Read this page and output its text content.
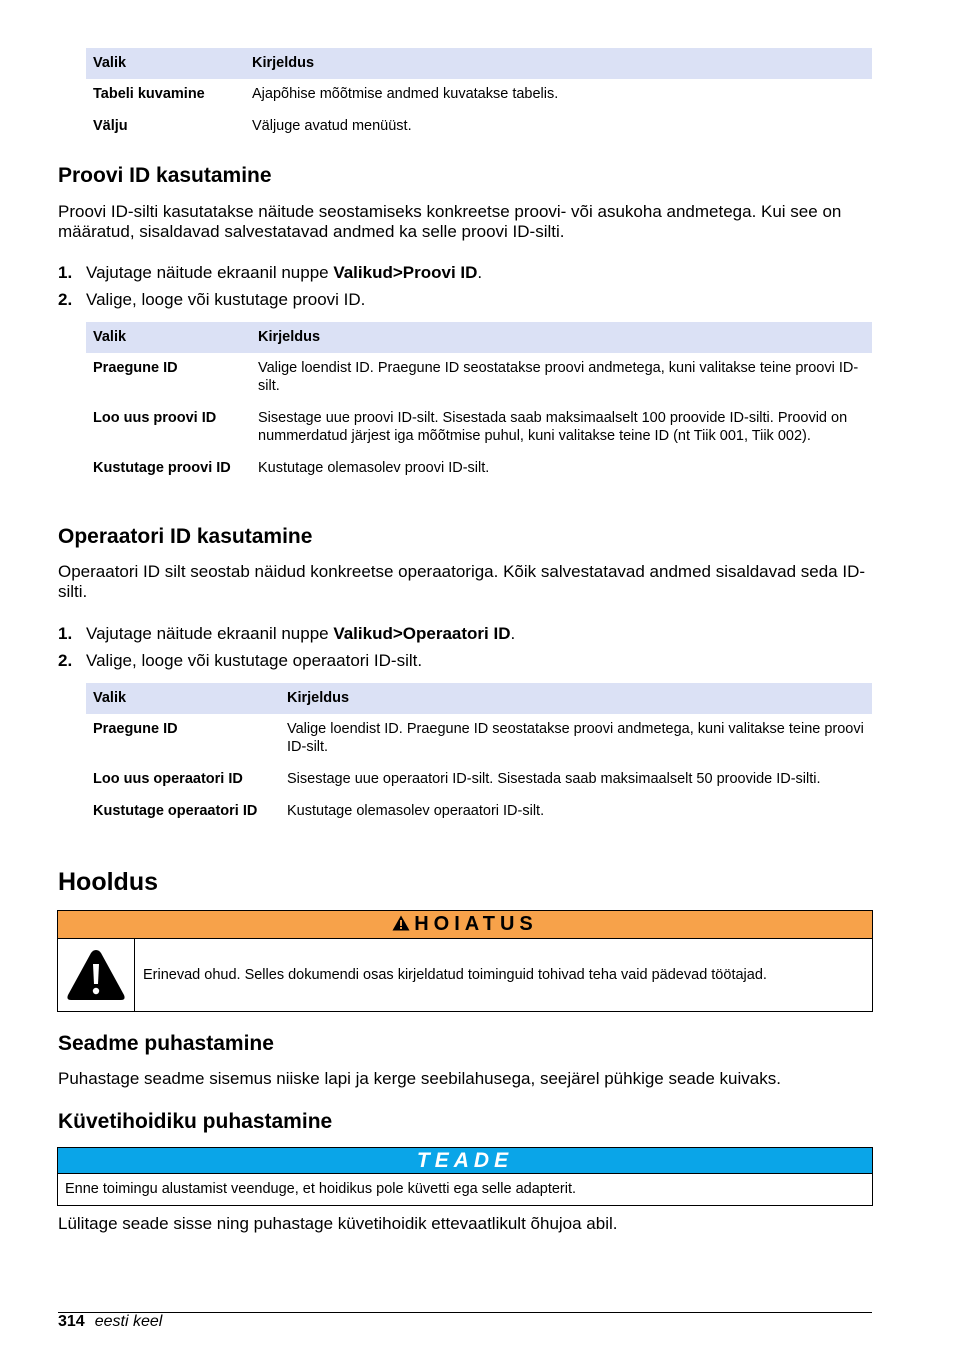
Valik	Kirjeldus
Tabeli kuvamine	Ajapõhise mõõtmise andmed kuvatakse tabelis.
Välju	Väljuge avatud menüüst.
Proovi ID kasutamine

Proovi ID-silti kasutatakse näitude seostamiseks konkreetse proovi- või asukoha andmetega. Kui see on määratud, sisaldavad salvestatavad andmed ka selle proovi ID-silti.

1. Vajutage näitude ekraanil nuppe Valikud>Proovi ID.
2. Valige, looge või kustutage proovi ID.
Valik	Kirjeldus
Praegune ID	Valige loendist ID. Praegune ID seostatakse proovi andmetega, kuni valitakse teine proovi ID-silt.
Loo uus proovi ID	Sisestage uue proovi ID-silt. Sisestada saab maksimaalselt 100 proovide ID-silti. Proovid on nummerdatud järjest iga mõõtmise puhul, kuni valitakse teine ID (nt Tiik 001, Tiik 002).
Kustutage proovi ID	Kustutage olemasolev proovi ID-silt.
Operaatori ID kasutamine

Operaatori ID silt seostab näidud konkreetse operaatoriga. Kõik salvestatavad andmed sisaldavad seda ID-silti.

1. Vajutage näitude ekraanil nuppe Valikud>Operaatori ID.
2. Valige, looge või kustutage operaatori ID-silt.
Valik	Kirjeldus
Praegune ID	Valige loendist ID. Praegune ID seostatakse proovi andmetega, kuni valitakse teine proovi ID-silt.
Loo uus operaatori ID	Sisestage uue operaatori ID-silt. Sisestada saab maksimaalselt 50 proovide ID-silti.
Kustutage operaatori ID	Kustutage olemasolev operaatori ID-silt.
Hooldus
HOIATUS
Erinevad ohud. Selles dokumendi osas kirjeldatud toiminguid tohivad teha vaid pädevad töötajad.
Seadme puhastamine

Puhastage seadme sisemus niiske lapi ja kerge seebilahusega, seejärel pühkige seade kuivaks.

Küvetihoidiku puhastamine
TEADE
Enne toimingu alustamist veenduge, et hoidikus pole küvetti ega selle adapterit.

Lülitage seade sisse ning puhastage küvetihoidik ettevaatlikult õhujoa abil.

314 eesti keel
